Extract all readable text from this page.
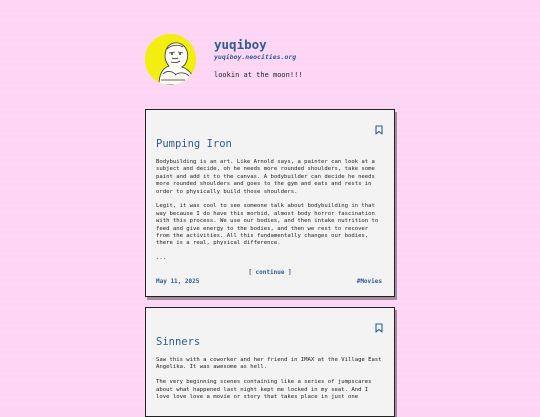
yuqiboy
yuqiboy.neocities.org
lookin at the moon!!!
Pumping Iron

Bodybuilding is an art. Like Arnold says, a painter can look at a subject and decide, oh he needs more rounded shoulders, take some paint and add it to the canvas. A bodybuilder can decide he needs more rounded shoulders and goes to the gym and eats and rests in order to physically build those shoulders.

Legit, it was cool to see someone talk about bodybuilding in that way because I do have this morbid, almost body horror fascination with this process. We use our bodies, and then intake nutrition to feed and give energy to the bodies, and then we rest to recover from the activities. All this fundamentally changes our bodies, there is a real, physical difference.

...

[ continue ]
May 11, 2025	#Movies
Sinners

Saw this with a coworker and her friend in IMAX at the Village East Angelika. It was awesome as hell.

The very beginning scenes containing like a series of jumpscares about what happened last night kept me locked in my seat. And I love love love a movie or story that takes place in just one
